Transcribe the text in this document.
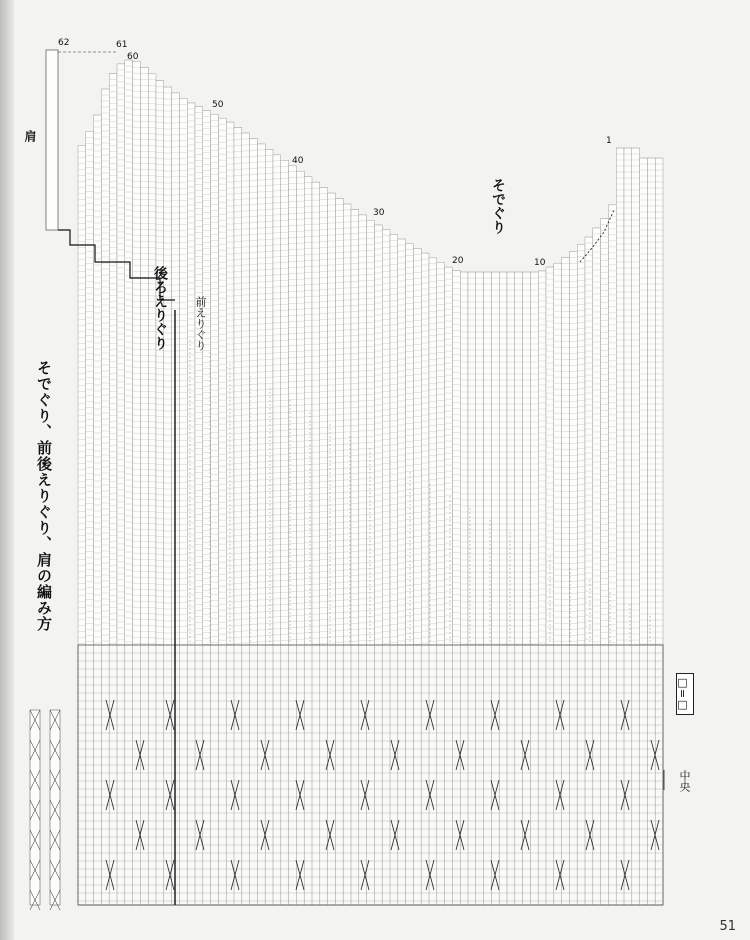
そでぐり、前後えりぐり、肩の編み方
後ろえりぐり 前えりぐり
そでぐり
肩
中央
□=□
62	61
60
50
40
30
20	10
1
51
